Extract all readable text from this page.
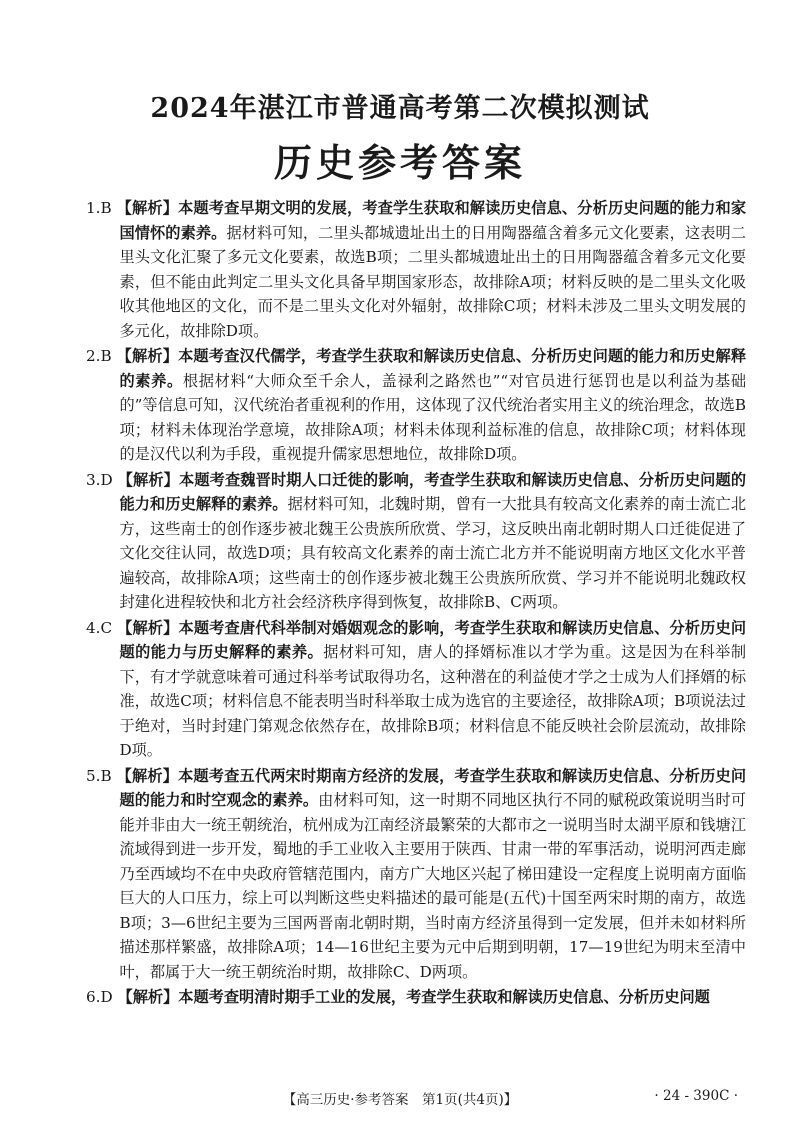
2024年湛江市普通高考第二次模拟测试
历史参考答案

1.B 【解析】本题考查早期文明的发展，考查学生获取和解读历史信息、分析历史问题的能力和家国情怀的素养。据材料可知，二里头都城遗址出土的日用陶器蕴含着多元文化要素，这表明二里头文化汇聚了多元文化要素，故选B项；二里头都城遗址出土的日用陶器蕴含着多元文化要素，但不能由此判定二里头文化具备早期国家形态，故排除A项；材料反映的是二里头文化吸收其他地区的文化，而不是二里头文化对外辐射，故排除C项；材料未涉及二里头文明发展的多元化，故排除D项。

2.B 【解析】本题考查汉代儒学，考查学生获取和解读历史信息、分析历史问题的能力和历史解释的素养。根据材料“大师众至千余人，盖禄利之路然也”“对官员进行惩罚也是以利益为基础的”等信息可知，汉代统治者重视利的作用，这体现了汉代统治者实用主义的统治理念，故选B项；材料未体现治学意境，故排除A项；材料未体现利益标准的信息，故排除C项；材料体现的是汉代以利为手段，重视提升儒家思想地位，故排除D项。

3.D 【解析】本题考查魏晋时期人口迁徙的影响，考查学生获取和解读历史信息、分析历史问题的能力和历史解释的素养。据材料可知，北魏时期，曾有一大批具有较高文化素养的南士流亡北方，这些南士的创作逐步被北魏王公贵族所欣赏、学习，这反映出南北朝时期人口迁徙促进了文化交往认同，故选D项；具有较高文化素养的南士流亡北方并不能说明南方地区文化水平普遍较高，故排除A项；这些南士的创作逐步被北魏王公贵族所欣赏、学习并不能说明北魏政权封建化进程较快和北方社会经济秩序得到恢复，故排除B、C两项。

4.C 【解析】本题考查唐代科举制对婚姻观念的影响，考查学生获取和解读历史信息、分析历史问题的能力与历史解释的素养。据材料可知，唐人的择婿标准以才学为重。这是因为在科举制下，有才学就意味着可通过科举考试取得功名，这种潜在的利益使才学之士成为人们择婿的标准，故选C项；材料信息不能表明当时科举取士成为选官的主要途径，故排除A项；B项说法过于绝对，当时封建门第观念依然存在，故排除B项；材料信息不能反映社会阶层流动，故排除D项。

5.B 【解析】本题考查五代两宋时期南方经济的发展，考查学生获取和解读历史信息、分析历史问题的能力和时空观念的素养。由材料可知，这一时期不同地区执行不同的赋税政策说明当时可能并非由大一统王朝统治，杭州成为江南经济最繁荣的大都市之一说明当时太湖平原和钱塘江流域得到进一步开发，蜀地的手工业收入主要用于陕西、甘肃一带的军事活动，说明河西走廊乃至西域均不在中央政府管辖范围内，南方广大地区兴起了梯田建设一定程度上说明南方面临巨大的人口压力，综上可以判断这些史料描述的最可能是(五代)十国至两宋时期的南方，故选B项；3—6世纪主要为三国两晋南北朝时期，当时南方经济虽得到一定发展，但并未如材料所描述那样繁盛，故排除A项；14—16世纪主要为元中后期到明朝，17—19世纪为明末至清中叶，都属于大一统王朝统治时期，故排除C、D两项。

6.D 【解析】本题考查明清时期手工业的发展，考查学生获取和解读历史信息、分析历史问题

【高三历史·参考答案　第1页(共4页)】	· 24 - 390C ·
